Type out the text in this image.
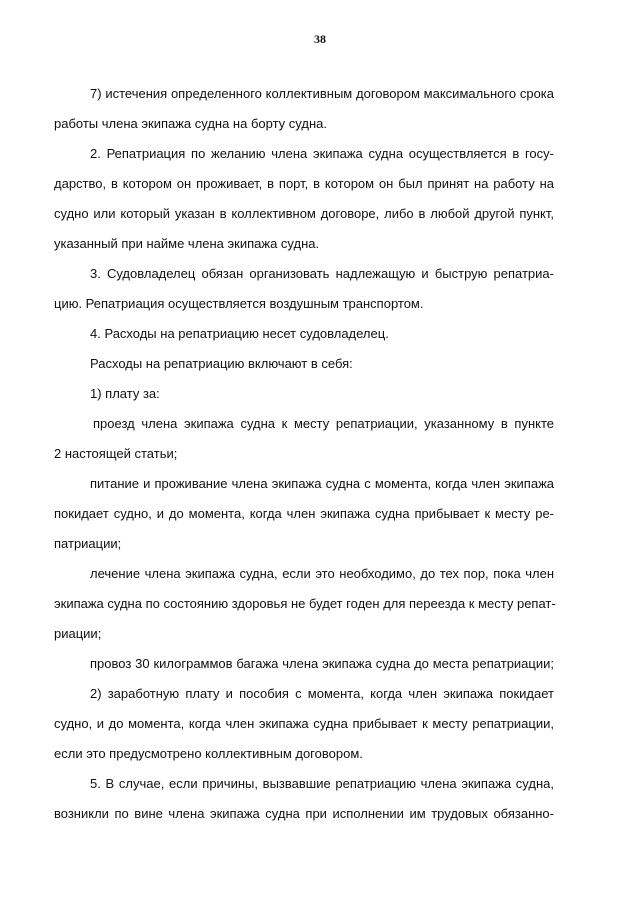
38
7) истечения определенного коллективным договором максимального срока
работы члена экипажа судна на борту судна.
2. Репатриация по желанию члена экипажа судна осуществляется в госу-
дарство, в котором он проживает, в порт, в котором он был принят на работу на
судно или который указан в коллективном договоре, либо в любой другой пункт,
указанный при найме члена экипажа судна.
3. Судовладелец обязан организовать надлежащую и быструю репатриа-
цию. Репатриация осуществляется воздушным транспортом.
4. Расходы на репатриацию несет судовладелец.
Расходы на репатриацию включают в себя:
1) плату за:
проезд члена экипажа судна к месту репатриации, указанному в пункте
2 настоящей статьи;
питание и проживание члена экипажа судна с момента, когда член экипажа
покидает судно, и до момента, когда член экипажа судна прибывает к месту ре-
патриации;
лечение члена экипажа судна, если это необходимо, до тех пор, пока член
экипажа судна по состоянию здоровья не будет годен для переезда к месту репат-
риации;
провоз 30 килограммов багажа члена экипажа судна до места репатриации;
2) заработную плату и пособия с момента, когда член экипажа покидает
судно, и до момента, когда член экипажа судна прибывает к месту репатриации,
если это предусмотрено коллективным договором.
5. В случае, если причины, вызвавшие репатриацию члена экипажа судна,
возникли по вине члена экипажа судна при исполнении им трудовых обязанно-
